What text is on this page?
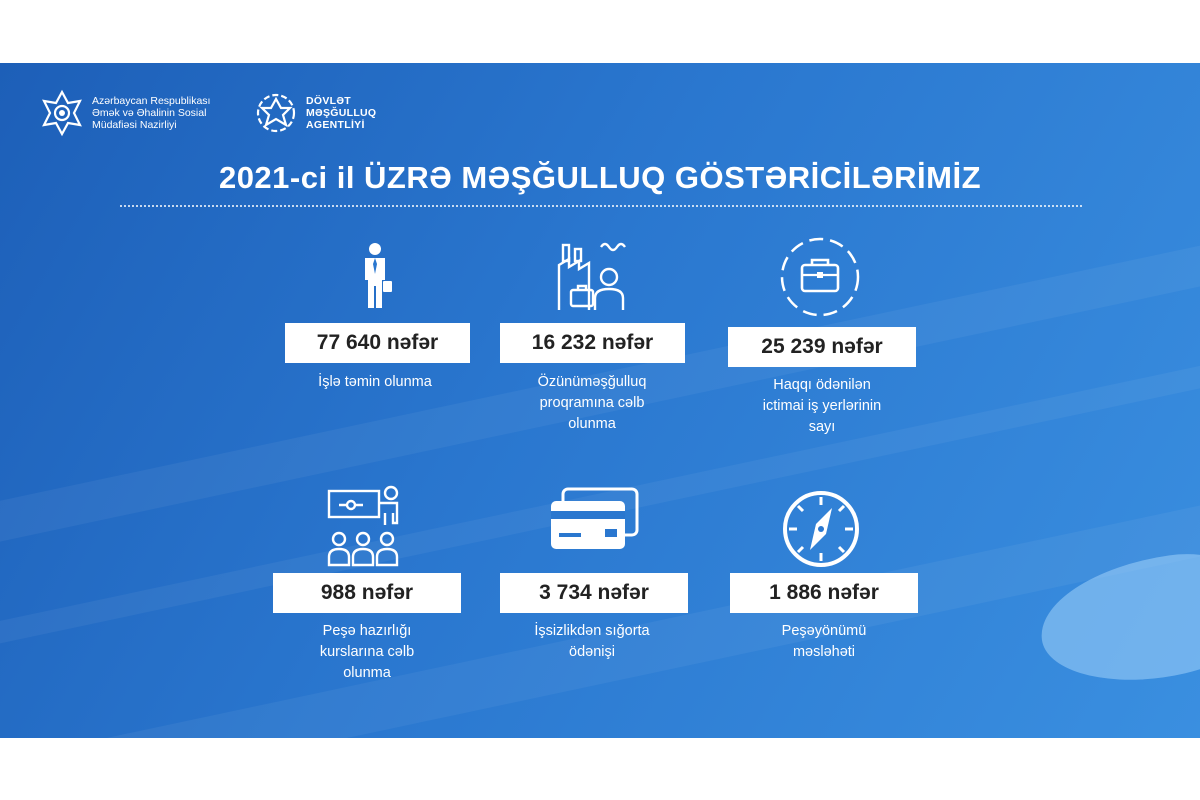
Azərbaycan Respublikası
Əmək və Əhalinin Sosial
Müdafiəsi Nazirliyi
DÖVLƏT
MƏŞĞULLUQ
AGENTLİYİ
2021-ci il ÜZRƏ MƏŞĞULLUQ GÖSTƏRİCİLƏRİMİZ
77 640 nəfər
İşlə təmin olunma
16 232 nəfər
Özünüməşğulluq
proqramına cəlb
olunma
25 239 nəfər
Haqqı ödənilən
ictimai iş yerlərinin
sayı
988 nəfər
Peşə hazırlığı
kurslarına cəlb
olunma
3 734 nəfər
İşsizlikdən sığorta
ödənişi
1 886 nəfər
Peşəyönümü
məsləhəti
